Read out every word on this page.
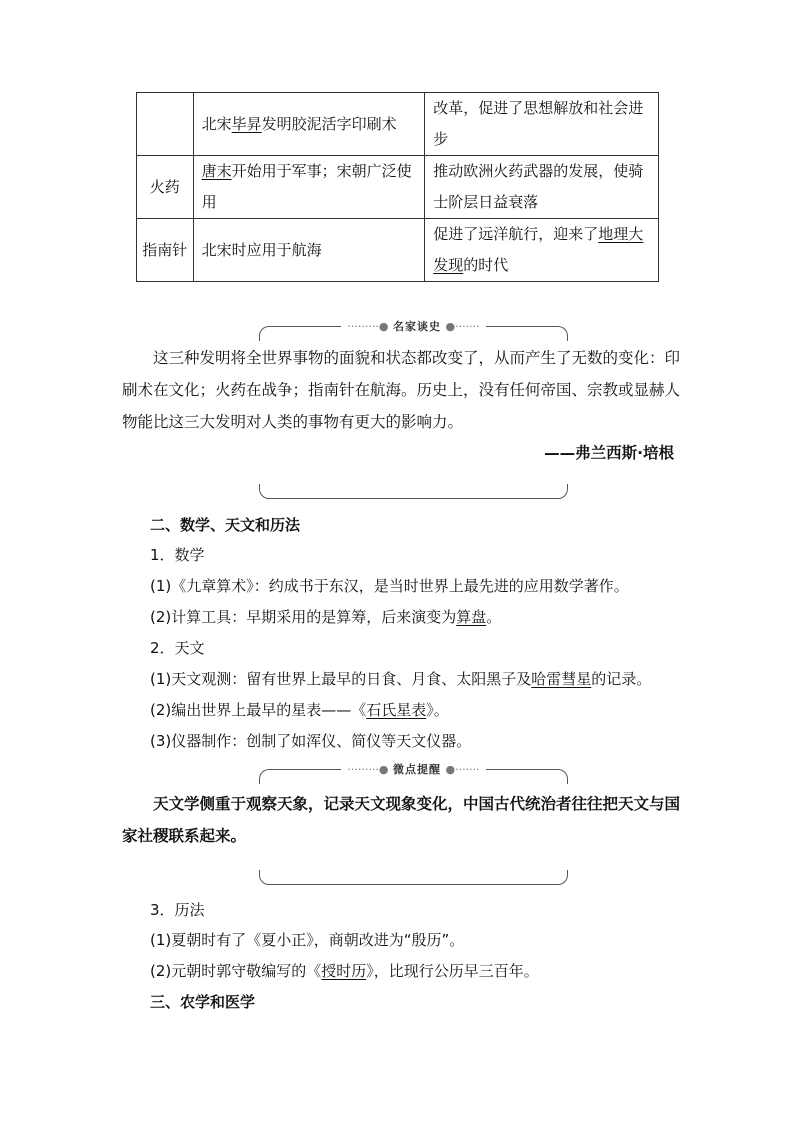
	北宋毕昇发明胶泥活字印刷术	改革，促进了思想解放和社会进步
火药	唐末开始用于军事；宋朝广泛使用	推动欧洲火药武器的发展，使骑士阶层日益衰落
指南针	北宋时应用于航海	促进了远洋航行，迎来了地理大发现的时代
·········● 名家谈史 ●·······
这三种发明将全世界事物的面貌和状态都改变了，从而产生了无数的变化：印刷术在文化；火药在战争；指南针在航海。历史上，没有任何帝国、宗教或显赫人物能比这三大发明对人类的事物有更大的影响力。
——弗兰西斯·培根
二、数学、天文和历法
1．数学
(1)《九章算术》：约成书于东汉，是当时世界上最先进的应用数学著作。
(2)计算工具：早期采用的是算筹，后来演变为算盘。
2．天文
(1)天文观测：留有世界上最早的日食、月食、太阳黑子及哈雷彗星的记录。
(2)编出世界上最早的星表——《石氏星表》。
(3)仪器制作：创制了如浑仪、简仪等天文仪器。
·········● 微点提醒 ●·······
天文学侧重于观察天象，记录天文现象变化，中国古代统治者往往把天文与国家社稷联系起来。
3．历法
(1)夏朝时有了《夏小正》，商朝改进为“殷历”。
(2)元朝时郭守敬编写的《授时历》，比现行公历早三百年。
三、农学和医学
